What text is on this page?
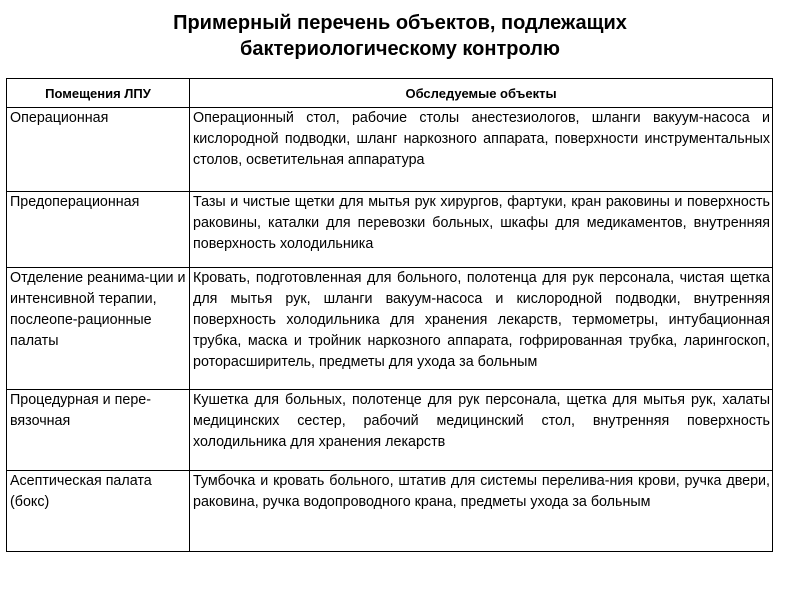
Примерный перечень объектов, подлежащих
бактериологическому контролю
Помещения ЛПУ	Обследуемые объекты
Операционная	Операционный стол, рабочие столы анестезиологов, шланги вакуум-насоса и кислородной подводки, шланг наркозного аппарата, поверхности инструментальных столов, осветительная аппаратура
Предоперационная	Тазы и чистые щетки для мытья рук хирургов, фартуки, кран раковины и поверхность раковины, каталки для перевозки больных, шкафы для медикаментов, внутренняя поверхность холодильника
Отделение реанима-ции и интенсивной терапии, послеопе-рационные палаты	Кровать, подготовленная для больного, полотенца для рук персонала, чистая щетка для мытья рук, шланги вакуум-насоса и кислородной подводки, внутренняя поверхность холодильника для хранения лекарств, термометры, интубационная трубка, маска и тройник наркозного аппарата, гофрированная трубка, ларингоскоп, роторасширитель, предметы для ухода за больным
Процедурная и пере-вязочная	Кушетка для больных, полотенце для рук персонала, щетка для мытья рук, халаты медицинских сестер, рабочий медицинский стол, внутренняя поверхность холодильника для хранения лекарств
Асептическая палата (бокс)	Тумбочка и кровать больного, штатив для системы перелива-ния крови, ручка двери, раковина, ручка водопроводного крана, предметы ухода за больным
